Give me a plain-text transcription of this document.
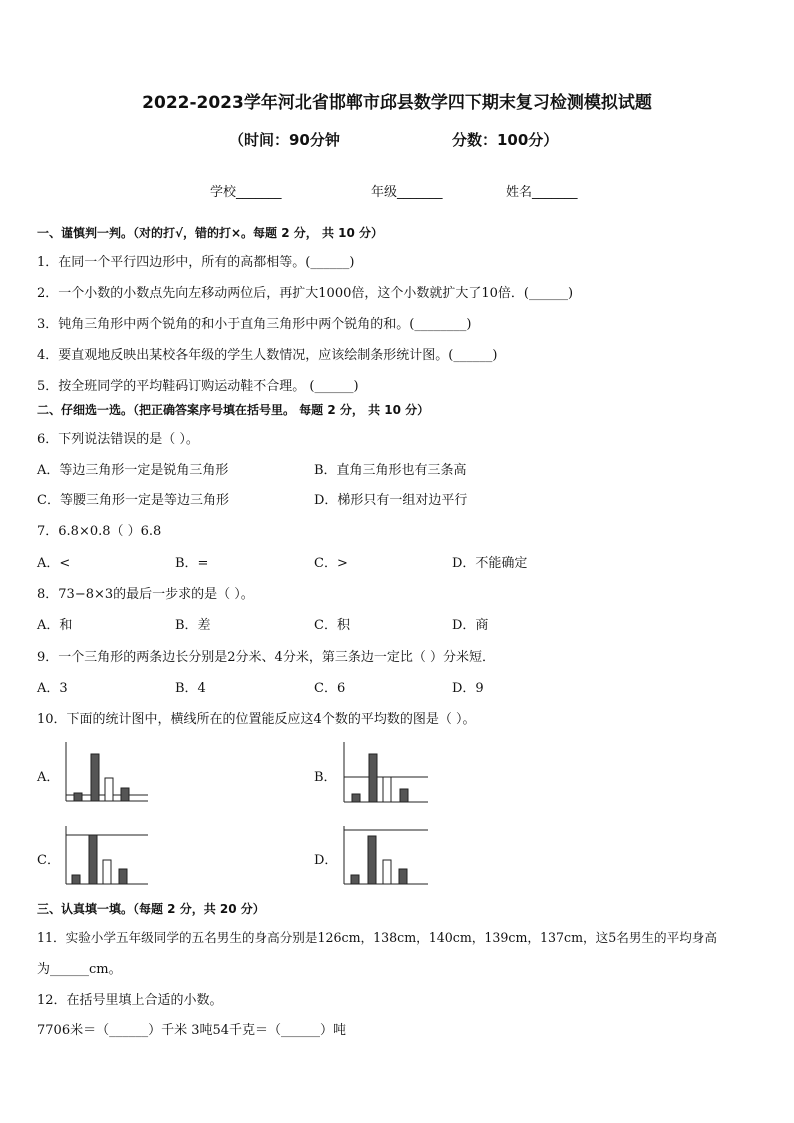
2022-2023学年河北省邯郸市邱县数学四下期末复习检测模拟试题
（时间：90分钟	分数：100分）
学校_______	年级_______	姓名_______
一、谨慎判一判。（对的打√，错的打×。每题 2 分， 共 10 分）
1．在同一个平行四边形中，所有的高都相等。(______)
2．一个小数的小数点先向左移动两位后，再扩大1000倍，这个小数就扩大了10倍．(______)
3．钝角三角形中两个锐角的和小于直角三角形中两个锐角的和。(________)
4．要直观地反映出某校各年级的学生人数情况，应该绘制条形统计图。(______)
5．按全班同学的平均鞋码订购运动鞋不合理。 (______)
二、仔细选一选。（把正确答案序号填在括号里。 每题 2 分， 共 10 分）
6．下列说法错误的是（ ）。
A．等边三角形一定是锐角三角形	B．直角三角形也有三条高
C．等腰三角形一定是等边三角形	D．梯形只有一组对边平行
7．6.8×0.8（ ）6.8
A．<	B．=	C．>	D．不能确定
8．73−8×3的最后一步求的是（ ）。
A．和	B．差	C．积	D．商
9．一个三角形的两条边长分别是2分米、4分米，第三条边一定比（ ）分米短．
A．3	B．4	C．6	D．9
10．下面的统计图中，横线所在的位置能反应这4个数的平均数的图是（ ）。
A．	B．
C．	D．
三、认真填一填。（每题 2 分，共 20 分）
11．实验小学五年级同学的五名男生的身高分别是126cm，138cm，140cm，139cm，137cm，这5名男生的平均身高
为______cm。
12．在括号里填上合适的小数。
7706米＝（______）千米 3吨54千克＝（______）吨
